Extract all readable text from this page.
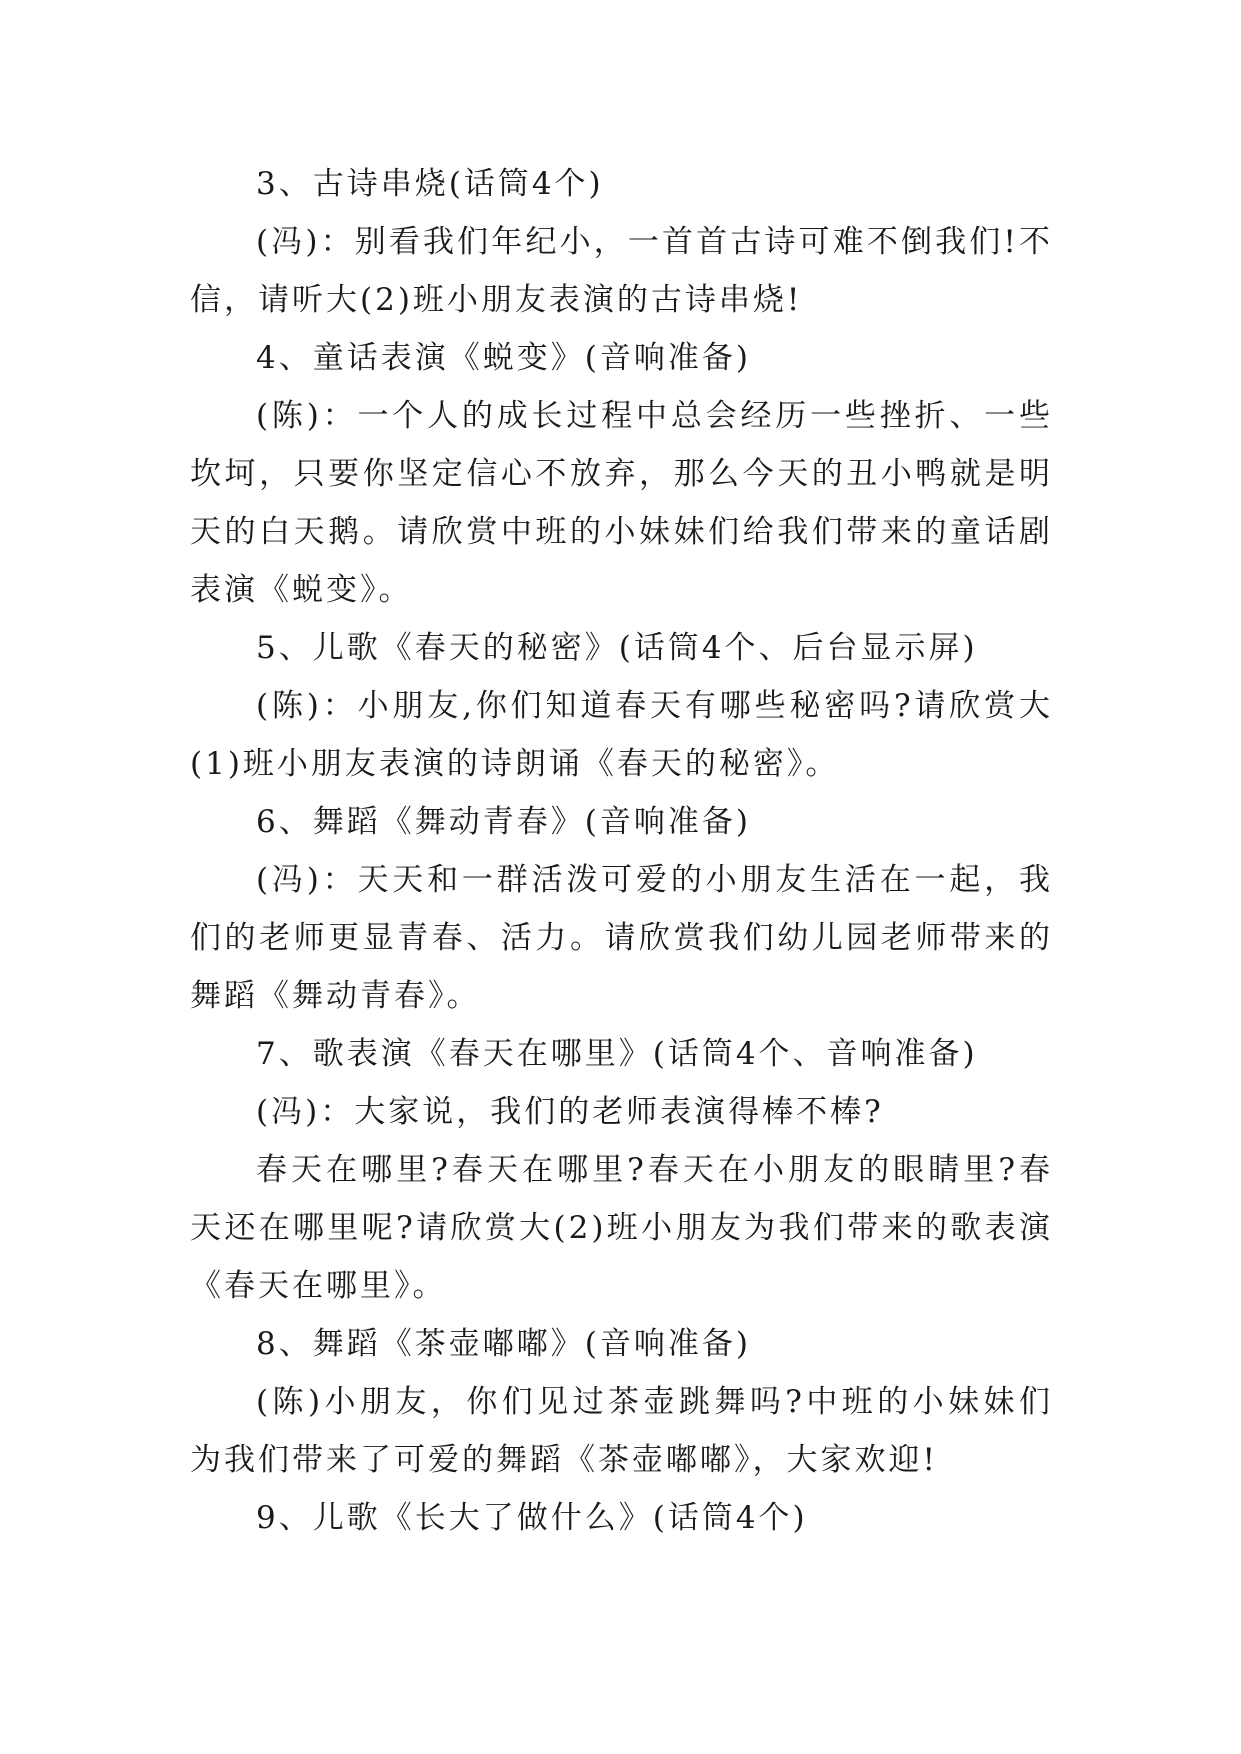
3、古诗串烧(话筒4个)

(冯)：别看我们年纪小，一首首古诗可难不倒我们!不信，请听大(2)班小朋友表演的古诗串烧!

4、童话表演《蜕变》(音响准备)

(陈)：一个人的成长过程中总会经历一些挫折、一些坎坷，只要你坚定信心不放弃，那么今天的丑小鸭就是明天的白天鹅。请欣赏中班的小妹妹们给我们带来的童话剧表演《蜕变》。

5、儿歌《春天的秘密》(话筒4个、后台显示屏)

(陈)：小朋友,你们知道春天有哪些秘密吗?请欣赏大(1)班小朋友表演的诗朗诵《春天的秘密》。

6、舞蹈《舞动青春》(音响准备)

(冯)：天天和一群活泼可爱的小朋友生活在一起，我们的老师更显青春、活力。请欣赏我们幼儿园老师带来的舞蹈《舞动青春》。

7、歌表演《春天在哪里》(话筒4个、音响准备)

(冯)：大家说，我们的老师表演得棒不棒?

春天在哪里?春天在哪里?春天在小朋友的眼睛里?春天还在哪里呢?请欣赏大(2)班小朋友为我们带来的歌表演《春天在哪里》。

8、舞蹈《茶壶嘟嘟》(音响准备)

(陈)小朋友，你们见过茶壶跳舞吗?中班的小妹妹们为我们带来了可爱的舞蹈《茶壶嘟嘟》，大家欢迎!

9、儿歌《长大了做什么》(话筒4个)
